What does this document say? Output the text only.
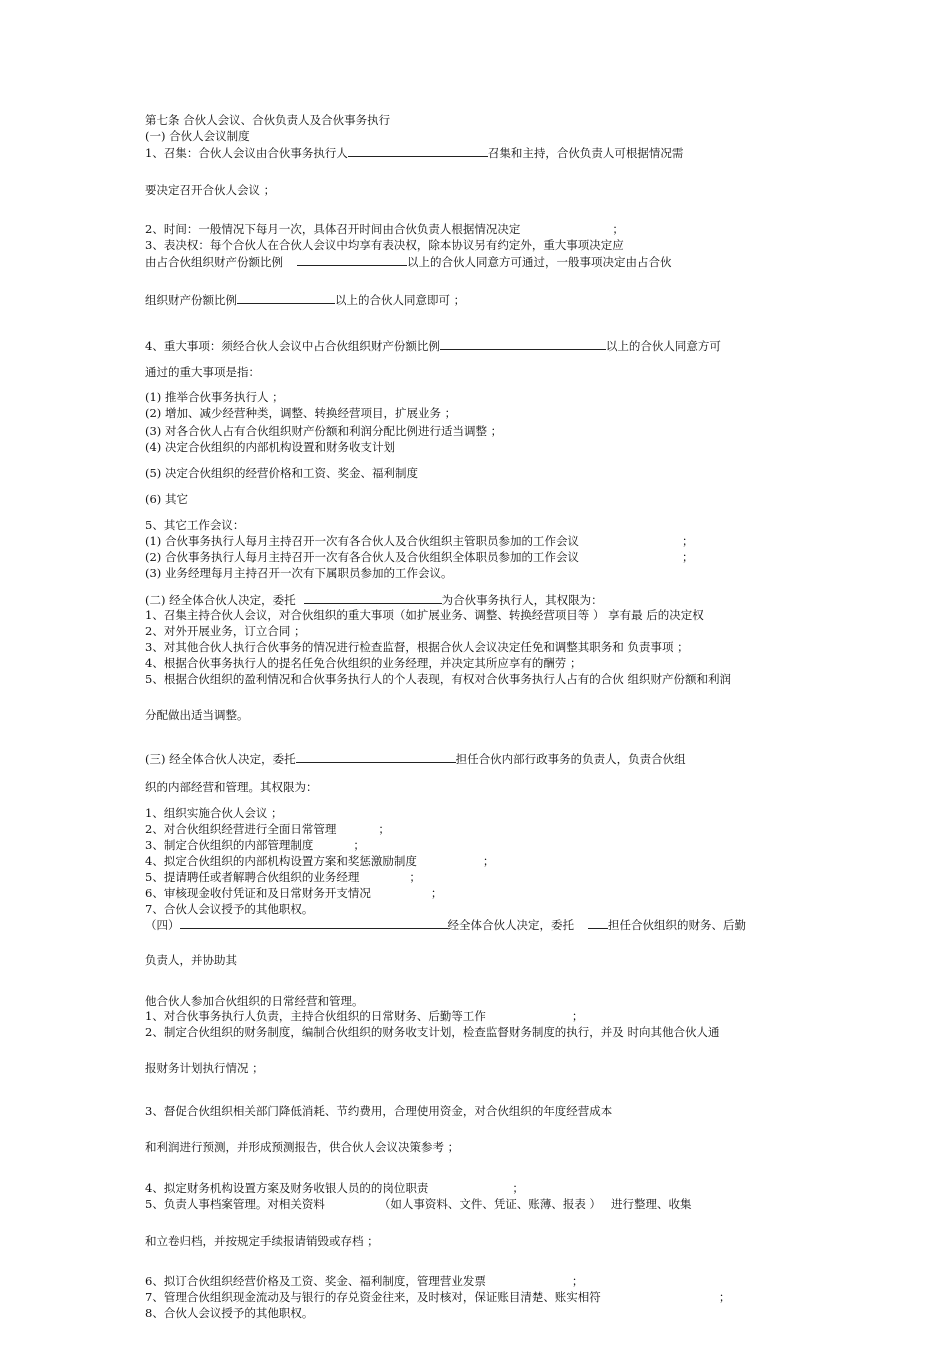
第七条 合伙人会议、合伙负责人及合伙事务执行
(一) 合伙人会议制度
1、召集：合伙人会议由合伙事务执行人	召集和主持，合伙负责人可根据情况需
要决定召开合伙人会议 ；
2、时间：一般情况下每月一次，具体召开时间由合伙负责人根据情况决定	；
3、表决权：每个合伙人在合伙人会议中均享有表决权，除本协议另有约定外，重大事项决定应
由占合伙组织财产份额比例	以上的合伙人同意方可通过，一般事项决定由占合伙
组织财产份额比例	以上的合伙人同意即可 ；
4、重大事项：须经合伙人会议中占合伙组织财产份额比例	以上的合伙人同意方可
通过的重大事项是指：
(1) 推举合伙事务执行人 ；
(2) 增加、减少经营种类，调整、转换经营项目，扩展业务 ；
(3) 对各合伙人占有合伙组织财产份额和利润分配比例进行适当调整 ；
(4) 决定合伙组织的内部机构设置和财务收支计划
(5) 决定合伙组织的经营价格和工资、奖金、福利制度
(6) 其它
5、其它工作会议：
(1) 合伙事务执行人每月主持召开一次有各合伙人及合伙组织主管职员参加的工作会议	；
(2) 合伙事务执行人每月主持召开一次有各合伙人及合伙组织全体职员参加的工作会议	；
(3) 业务经理每月主持召开一次有下属职员参加的工作会议。
(二) 经全体合伙人决定，委托	为合伙事务执行人，其权限为：
1、召集主持合伙人会议，对合伙组织的重大事项（如扩展业务、调整、转换经营项目等 ） 享有最 后的决定权
2、对外开展业务，订立合同 ；
3、对其他合伙人执行合伙事务的情况进行检查监督，根据合伙人会议决定任免和调整其职务和 负责事项 ；
4、根据合伙事务执行人的提名任免合伙组织的业务经理，并决定其所应享有的酬劳 ；
5、根据合伙组织的盈利情况和合伙事务执行人的个人表现，有权对合伙事务执行人占有的合伙 组织财产份额和利润
分配做出适当调整。
(三) 经全体合伙人决定，委托	担任合伙内部行政事务的负责人，负责合伙组
织的内部经营和管理。其权限为：
1、组织实施合伙人会议 ；
2、对合伙组织经营进行全面日常管理	；
3、制定合伙组织的内部管理制度	；
4、拟定合伙组织的内部机构设置方案和奖惩激励制度	；
5、提请聘任或者解聘合伙组织的业务经理	；
6、审核现金收付凭证和及日常财务开支情况	；
7、合伙人会议授予的其他职权。
（四）	经全体合伙人决定，委托	担任合伙组织的财务、后勤
负责人，并协助其
他合伙人参加合伙组织的日常经营和管理。
1、对合伙事务执行人负责，主持合伙组织的日常财务、后勤等工作	；
2、制定合伙组织的财务制度，编制合伙组织的财务收支计划，检查监督财务制度的执行，并及 时向其他合伙人通
报财务计划执行情况 ；
3、督促合伙组织相关部门降低消耗、节约费用，合理使用资金，对合伙组织的年度经营成本
和利润进行预测，并形成预测报告，供合伙人会议决策参考 ；
4、拟定财务机构设置方案及财务收银人员的的岗位职责	；
5、负责人事档案管理。对相关资料	（如人事资料、文件、凭证、账薄、报表 ） 进行整理、收集
和立卷归档，并按规定手续报请销毁或存档 ；
6、拟订合伙组织经营价格及工资、奖金、福利制度，管理营业发票	；
7、管理合伙组织现金流动及与银行的存兑资金往来，及时核对，保证账目清楚、账实相符	；
8、合伙人会议授予的其他职权。
